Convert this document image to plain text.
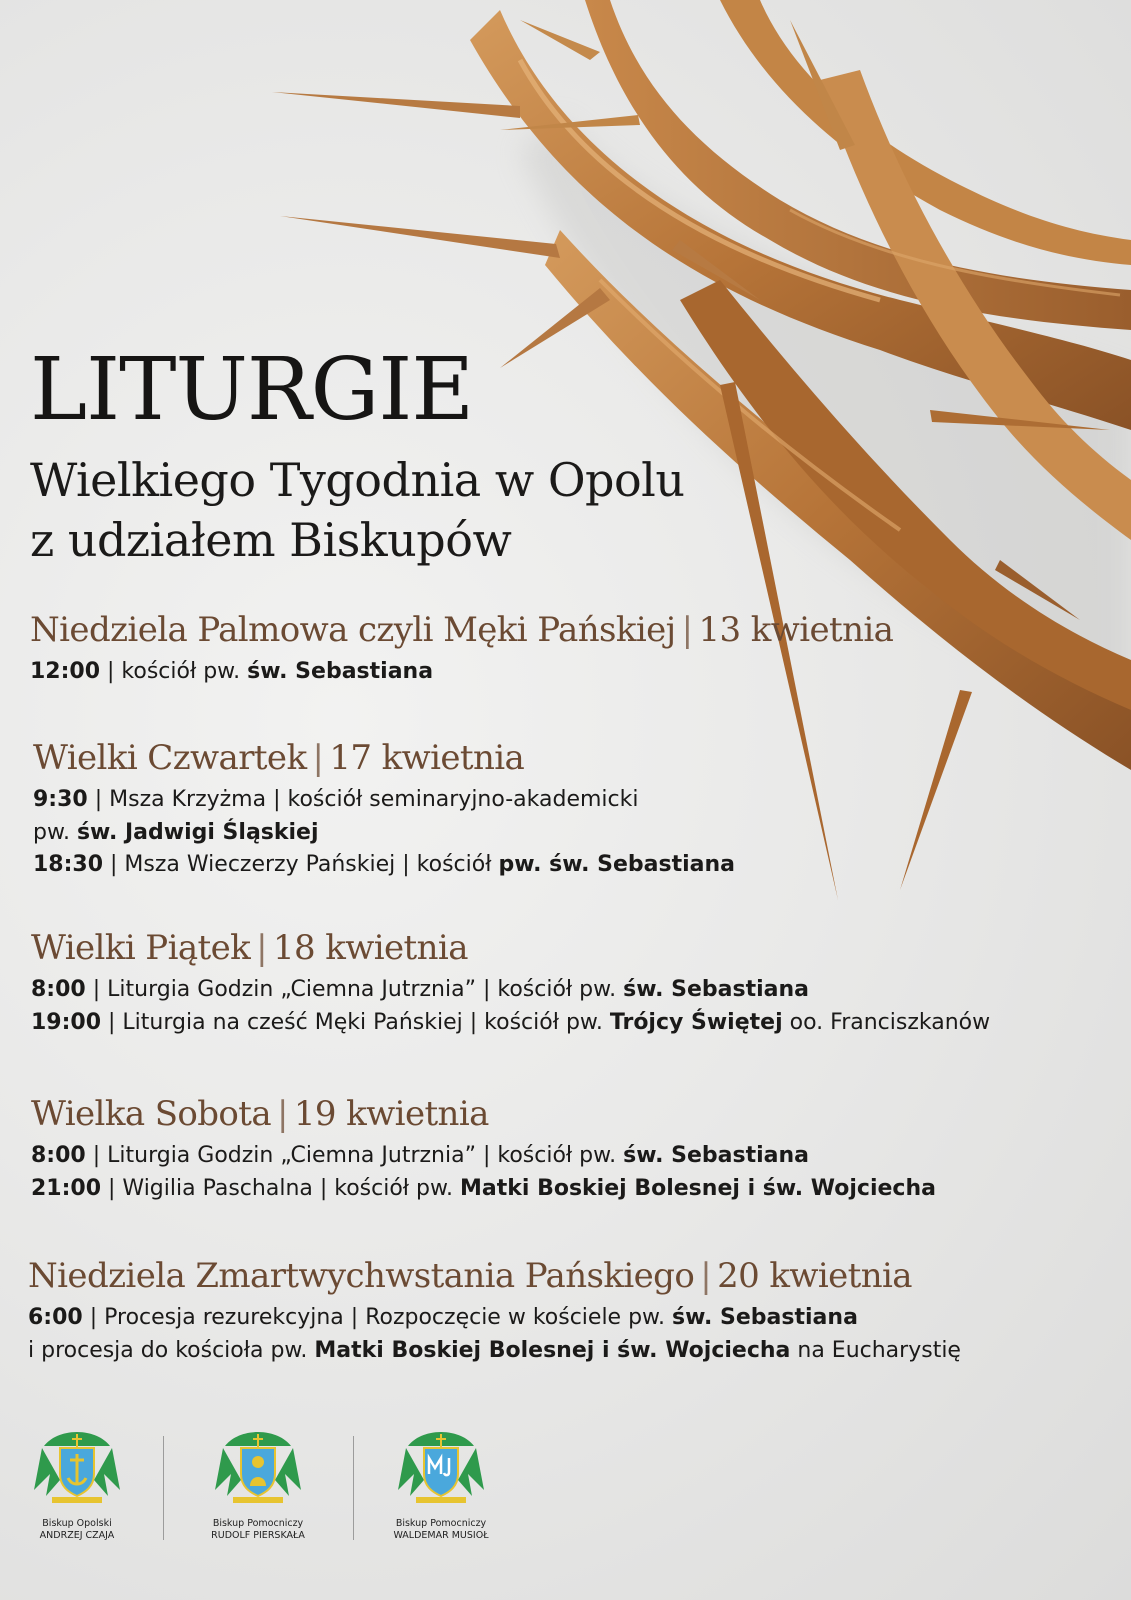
LITURGIE
Wielkiego Tygodnia w Opolu
z udziałem Biskupów
Niedziela Palmowa czyli Męki Pańskiej | 13 kwietnia
12:00 | kościół pw. św. Sebastiana
Wielki Czwartek | 17 kwietnia
9:30 | Msza Krzyżma | kościół seminaryjno-akademicki
pw. św. Jadwigi Śląskiej
18:30 | Msza Wieczerzy Pańskiej | kościół pw. św. Sebastiana
Wielki Piątek | 18 kwietnia
8:00 | Liturgia Godzin „Ciemna Jutrznia” | kościół pw. św. Sebastiana
19:00 | Liturgia na cześć Męki Pańskiej | kościół pw. Trójcy Świętej oo. Franciszkanów
Wielka Sobota | 19 kwietnia
8:00 | Liturgia Godzin „Ciemna Jutrznia” | kościół pw. św. Sebastiana
21:00 | Wigilia Paschalna | kościół pw. Matki Boskiej Bolesnej i św. Wojciecha
Niedziela Zmartwychwstania Pańskiego | 20 kwietnia
6:00 | Procesja rezurekcyjna | Rozpoczęcie w kościele pw. św. Sebastiana
i procesja do kościoła pw. Matki Boskiej Bolesnej i św. Wojciecha na Eucharystię
Biskup Opolski
ANDRZEJ CZAJA
Biskup Pomocniczy
RUDOLF PIERSKAŁA
Biskup Pomocniczy
WALDEMAR MUSIOŁ
